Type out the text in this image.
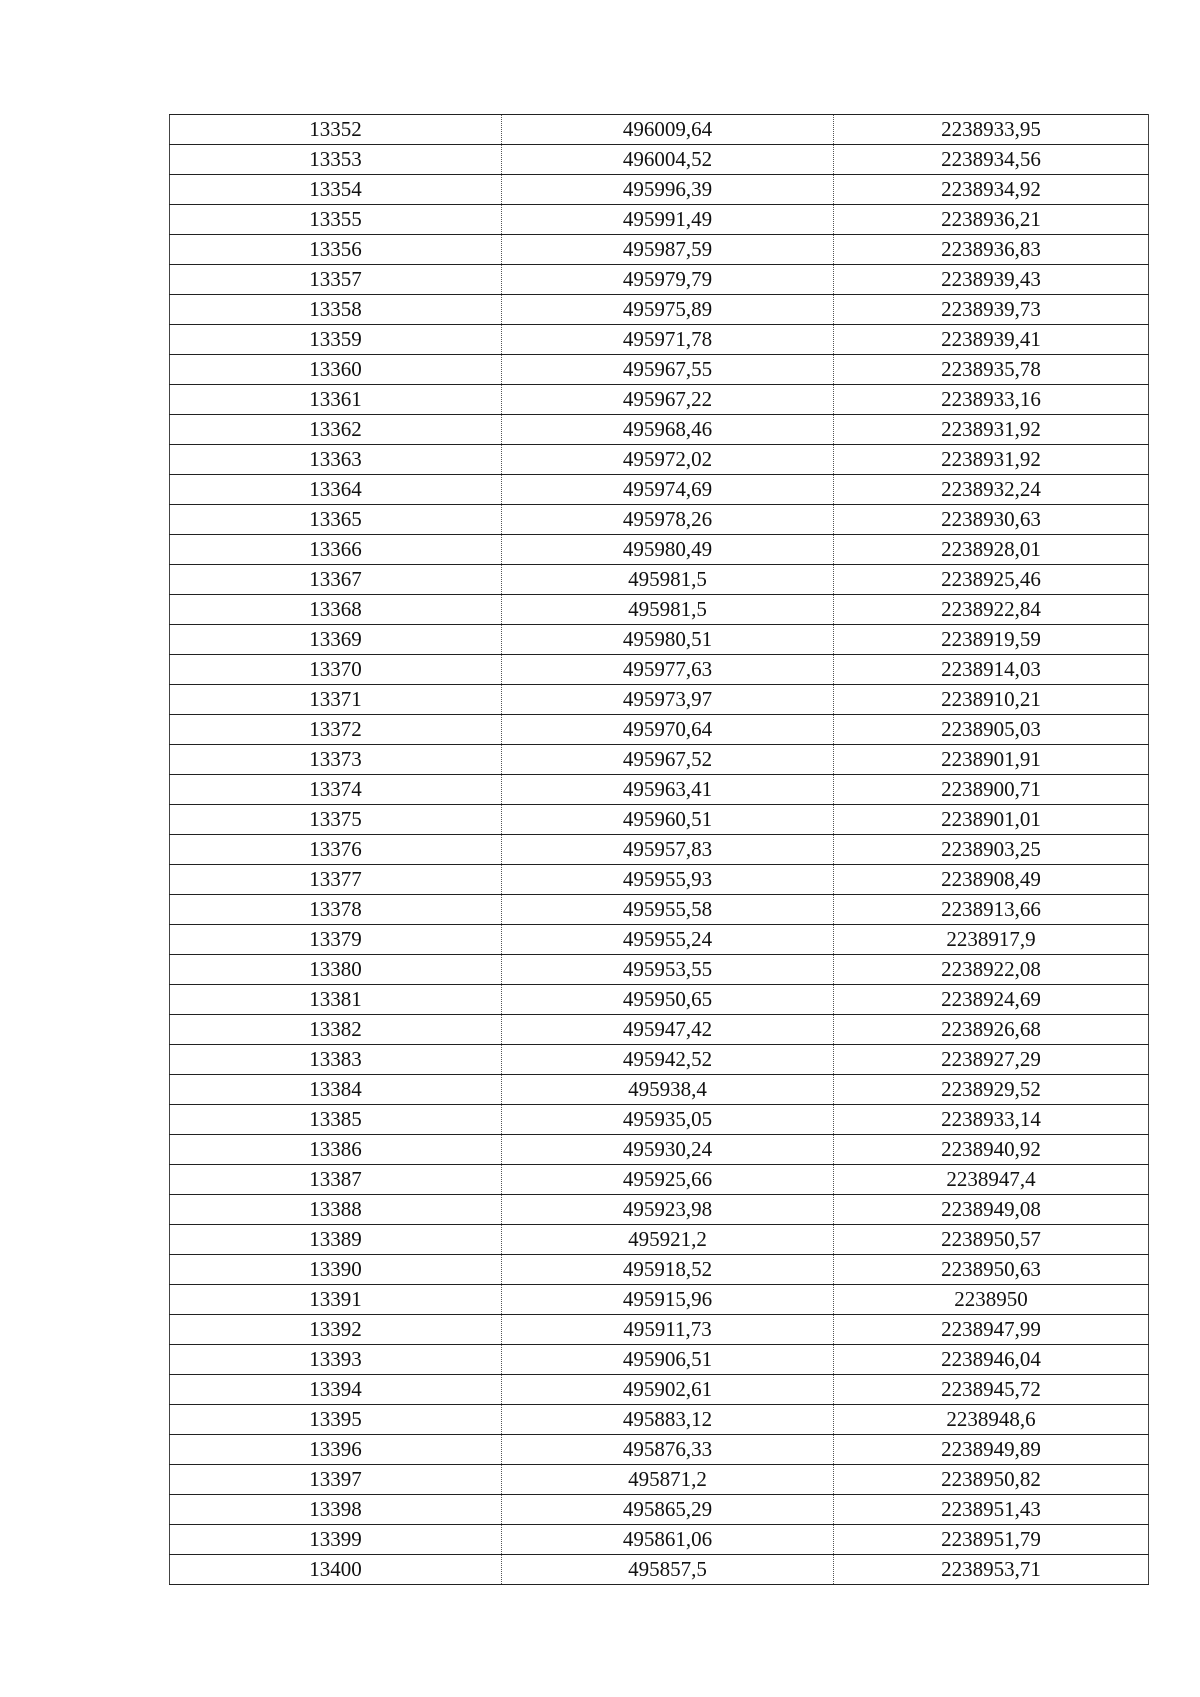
13352	496009,64	2238933,95
13353	496004,52	2238934,56
13354	495996,39	2238934,92
13355	495991,49	2238936,21
13356	495987,59	2238936,83
13357	495979,79	2238939,43
13358	495975,89	2238939,73
13359	495971,78	2238939,41
13360	495967,55	2238935,78
13361	495967,22	2238933,16
13362	495968,46	2238931,92
13363	495972,02	2238931,92
13364	495974,69	2238932,24
13365	495978,26	2238930,63
13366	495980,49	2238928,01
13367	495981,5	2238925,46
13368	495981,5	2238922,84
13369	495980,51	2238919,59
13370	495977,63	2238914,03
13371	495973,97	2238910,21
13372	495970,64	2238905,03
13373	495967,52	2238901,91
13374	495963,41	2238900,71
13375	495960,51	2238901,01
13376	495957,83	2238903,25
13377	495955,93	2238908,49
13378	495955,58	2238913,66
13379	495955,24	2238917,9
13380	495953,55	2238922,08
13381	495950,65	2238924,69
13382	495947,42	2238926,68
13383	495942,52	2238927,29
13384	495938,4	2238929,52
13385	495935,05	2238933,14
13386	495930,24	2238940,92
13387	495925,66	2238947,4
13388	495923,98	2238949,08
13389	495921,2	2238950,57
13390	495918,52	2238950,63
13391	495915,96	2238950
13392	495911,73	2238947,99
13393	495906,51	2238946,04
13394	495902,61	2238945,72
13395	495883,12	2238948,6
13396	495876,33	2238949,89
13397	495871,2	2238950,82
13398	495865,29	2238951,43
13399	495861,06	2238951,79
13400	495857,5	2238953,71
